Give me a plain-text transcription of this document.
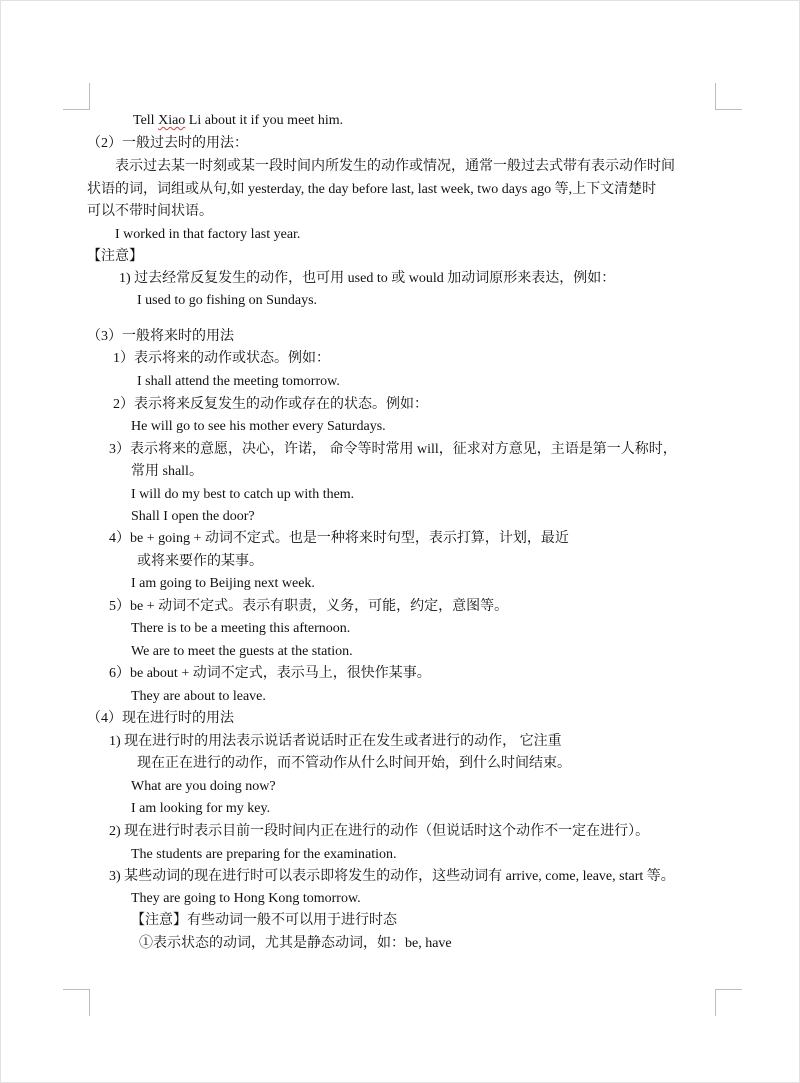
Tell Xiao Li about it if you meet him.
（2）一般过去时的用法：
表示过去某一时刻或某一段时间内所发生的动作或情况，通常一般过去式带有表示动作时间
状语的词，词组或从句,如 yesterday, the day before last, last week, two days ago 等,上下文清楚时
可以不带时间状语。
I worked in that factory last year.
【注意】
1) 过去经常反复发生的动作，也可用 used to 或 would 加动词原形来表达，例如：
I used to go fishing on Sundays.
（3）一般将来时的用法
1）表示将来的动作或状态。例如：
I shall attend the meeting tomorrow.
2）表示将来反复发生的动作或存在的状态。例如：
He will go to see his mother every Saturdays.
3）表示将来的意愿，决心，许诺， 命令等时常用 will，征求对方意见，主语是第一人称时，
常用 shall。
I will do my best to catch up with them.
Shall I open the door?
4）be + going + 动词不定式。也是一种将来时句型，表示打算，计划，最近
或将来要作的某事。
I am going to Beijing next week.
5）be + 动词不定式。表示有职责，义务，可能，约定，意图等。
There is to be a meeting this afternoon.
We are to meet the guests at the station.
6）be about + 动词不定式，表示马上，很快作某事。
They are about to leave.
（4）现在进行时的用法
1) 现在进行时的用法表示说话者说话时正在发生或者进行的动作， 它注重
现在正在进行的动作，而不管动作从什么时间开始，到什么时间结束。
What are you doing now?
I am looking for my key.
2) 现在进行时表示目前一段时间内正在进行的动作（但说话时这个动作不一定在进行）。
The students are preparing for the examination.
3) 某些动词的现在进行时可以表示即将发生的动作，这些动词有 arrive, come, leave, start 等。
They are going to Hong Kong tomorrow.
【注意】有些动词一般不可以用于进行时态
①表示状态的动词，尤其是静态动词，如：be, have
